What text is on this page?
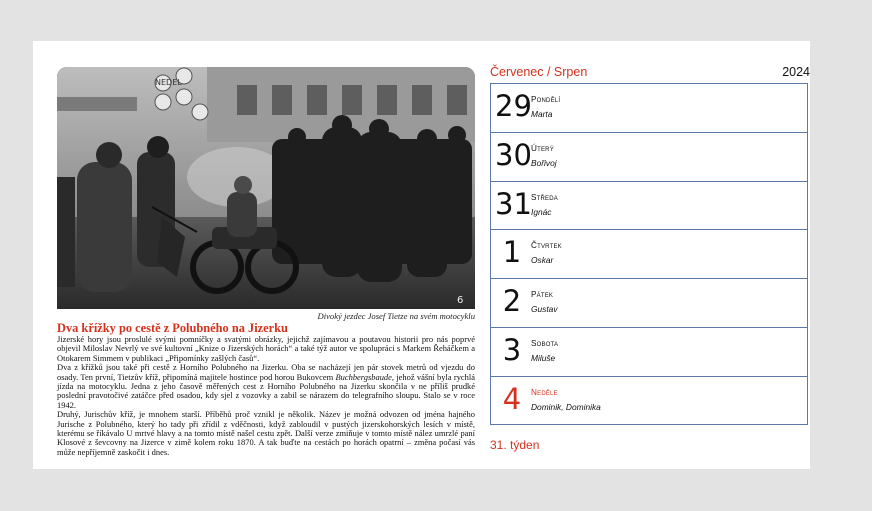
NEDEL
6
Divoký jezdec Josef Tietze na svém motocyklu
Dva křížky po cestě z Polubného na Jizerku

Jizerské hory jsou proslulé svými pomníčky a svatými obrázky, jejichž zajímavou a poutavou historii pro nás poprvé objevil Miloslav Nevrlý ve své kultovní „Knize o Jizerských horách“ a také týž autor ve spolupráci s Markem Řeháčkem a Otokarem Simmem v publikaci „Připomínky zašlých časů“.

Dva z křížků jsou také při cestě z Horního Polubného na Jizerku. Oba se nacházejí jen pár stovek metrů od vjezdu do osady. Ten první, Tietzův kříž, připomíná majitele hostince pod horou Bukovcem Buchbergsbaude, jehož vášní byla rychlá jízda na motocyklu. Jedna z jeho časově měřených cest z Horního Polubného na Jizerku skončila v ne příliš prudké poslední pravotočivé zatáčce před osadou, kdy sjel z vozovky a zabil se nárazem do telegrafního sloupu. Stalo se v roce 1942.

Druhý, Jurischův kříž, je mnohem starší. Příběhů proč vznikl je několik. Název je možná odvozen od jména hajného Jurische z Polubného, který ho tady při zřídil z vděčnosti, když zabloudil v pustých jizerskohorských lesích v místě, kterému se říkávalo U mrtvé hlavy a na tomto místě našel cestu zpět. Další verze zmiňuje v tomto místě nález umrzlé paní Klosové z ševcovny na Jizerce v zimě kolem roku 1870. A tak buďte na cestách po horách opatrní – změna počasí vás může nepříjemně zaskočit i dnes.

Červenec / Srpen	2024
29 Pondělí
Marta
30 Úterý
Bořivoj
31 Středa
Ignác
1	Čtvrtek
Oskar
2	Pátek
Gustav
3	Sobota
Miluše
4	Neděle
Dominik, Dominika
31. týden
